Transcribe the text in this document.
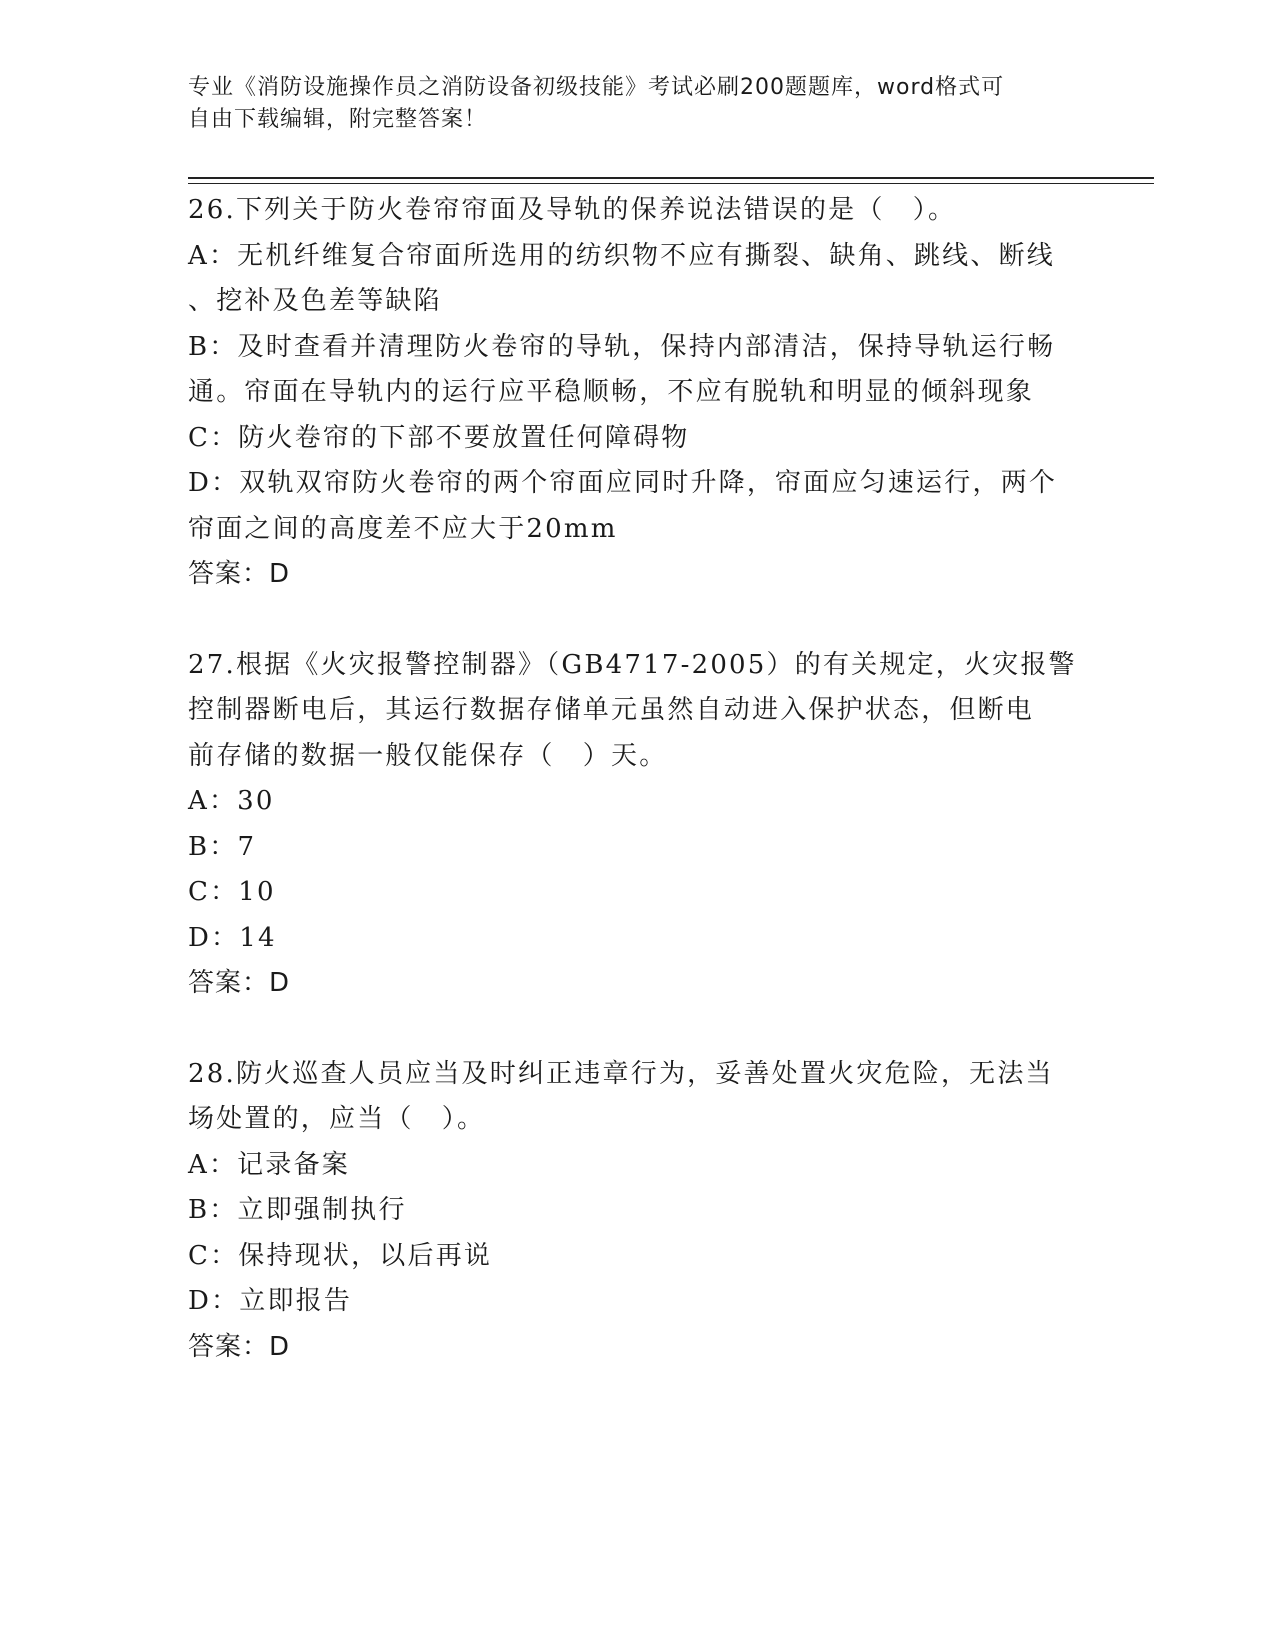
专业《消防设施操作员之消防设备初级技能》考试必刷200题题库，word格式可
自由下载编辑，附完整答案！
26.下列关于防火卷帘帘面及导轨的保养说法错误的是（　）。
A：无机纤维复合帘面所选用的纺织物不应有撕裂、缺角、跳线、断线
、挖补及色差等缺陷
B：及时查看并清理防火卷帘的导轨，保持内部清洁，保持导轨运行畅
通。帘面在导轨内的运行应平稳顺畅，不应有脱轨和明显的倾斜现象
C：防火卷帘的下部不要放置任何障碍物
D：双轨双帘防火卷帘的两个帘面应同时升降，帘面应匀速运行，两个
帘面之间的高度差不应大于20mm
答案：D
27.根据《火灾报警控制器》（GB4717-2005）的有关规定，火灾报警
控制器断电后，其运行数据存储单元虽然自动进入保护状态，但断电
前存储的数据一般仅能保存（　）天。
A：30
B：7
C：10
D：14
答案：D
28.防火巡查人员应当及时纠正违章行为，妥善处置火灾危险，无法当
场处置的，应当（　）。
A：记录备案
B：立即强制执行
C：保持现状，以后再说
D：立即报告
答案：D
